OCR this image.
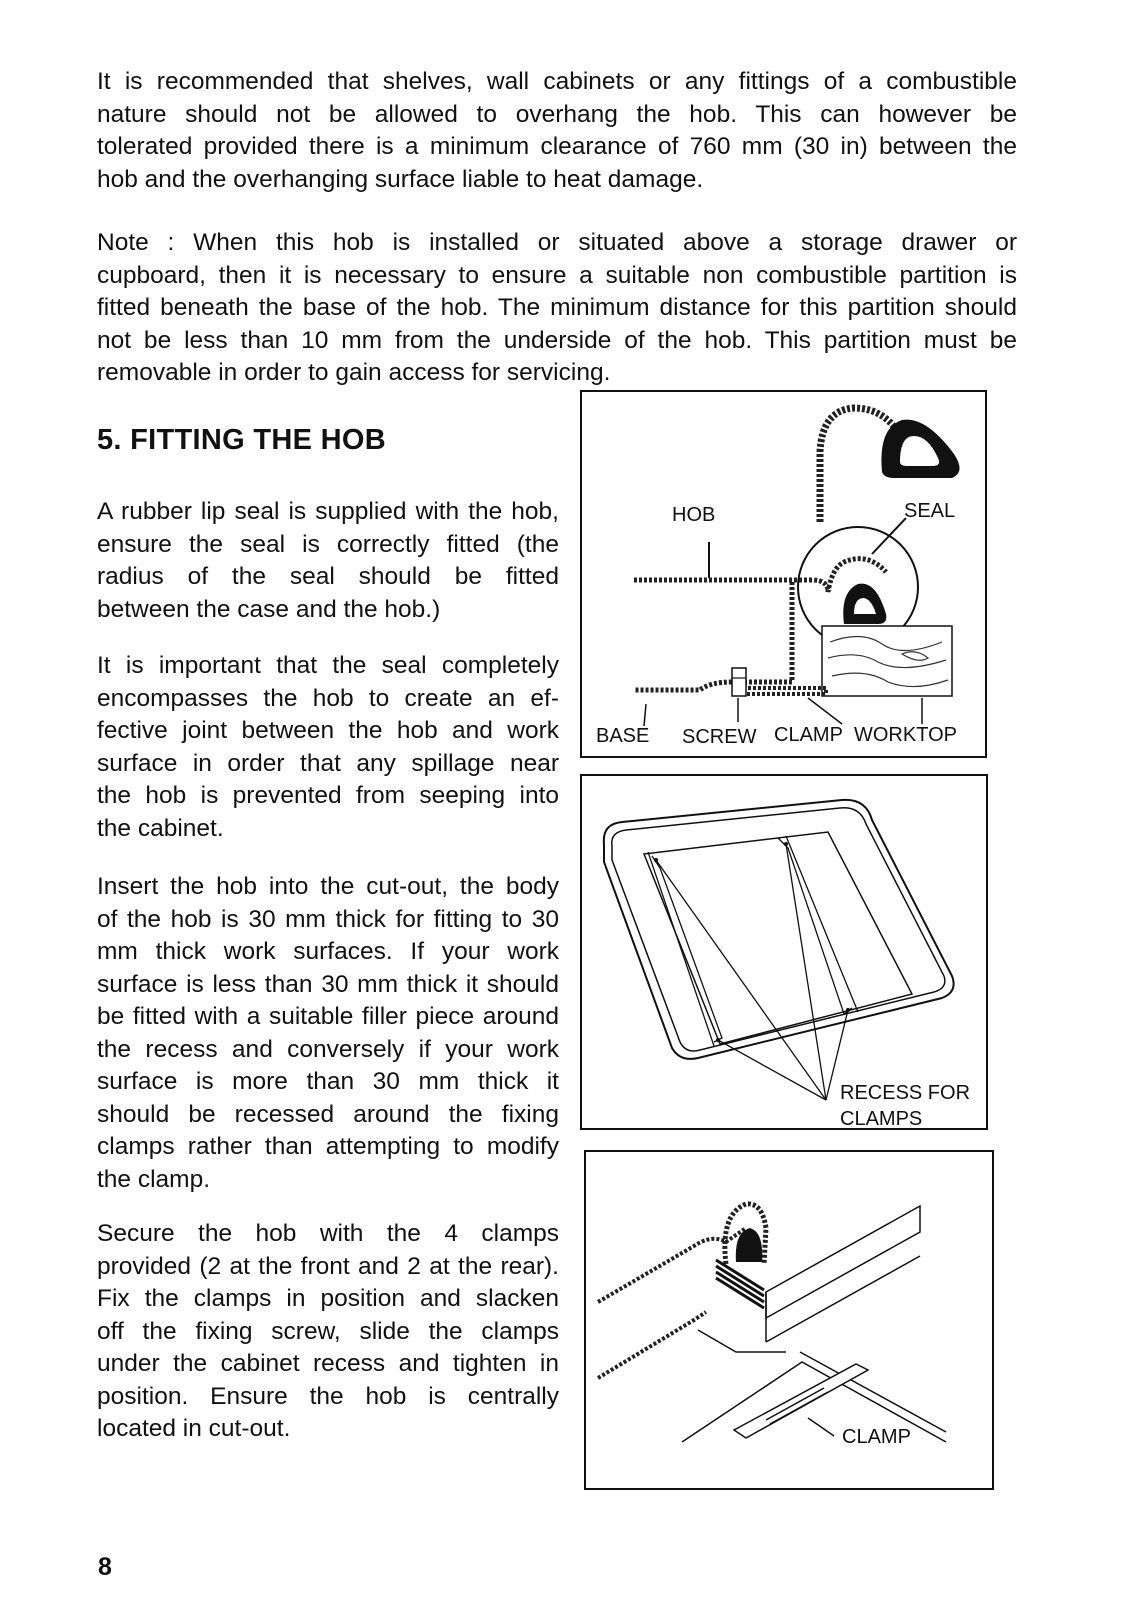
It is recommended that shelves, wall cabinets or any fittings of a combustible
nature should not be allowed to overhang the hob. This can however be
tolerated provided there is a minimum clearance of 760 mm (30 in) between the
hob and the overhanging surface liable to heat damage.
Note : When this hob is installed or situated above a storage drawer or
cupboard, then it is necessary to ensure a suitable non combustible partition is
fitted beneath the base of the hob. The minimum distance for this partition should
not be less than 10 mm from the underside of the hob. This partition must be
removable in order to gain access for servicing.
5. FITTING THE HOB
A rubber lip seal is supplied with the hob,
ensure the seal is correctly fitted (the
radius of the seal should be fitted
between the case and the hob.)
It is important that the seal completely
encompasses the hob to create an ef-
fective joint between the hob and work
surface in order that any spillage near
the hob is prevented from seeping into
the cabinet.
Insert the hob into the cut-out, the body
of the hob is 30 mm thick for fitting to 30
mm thick work surfaces. If your work
surface is less than 30 mm thick it should
be fitted with a suitable filler piece around
the recess and conversely if your work
surface is more than 30 mm thick it
should be recessed around the fixing
clamps rather than attempting to modify
the clamp.
Secure the hob with the 4 clamps
provided (2 at the front and 2 at the rear).
Fix the clamps in position and slacken
off the fixing screw, slide the clamps
under the cabinet recess and tighten in
position. Ensure the hob is centrally
located in cut-out.
HOB	SEAL
BASE SCREW CLAMP WORKTOP
RECESS FOR
CLAMPS
CLAMP
8
